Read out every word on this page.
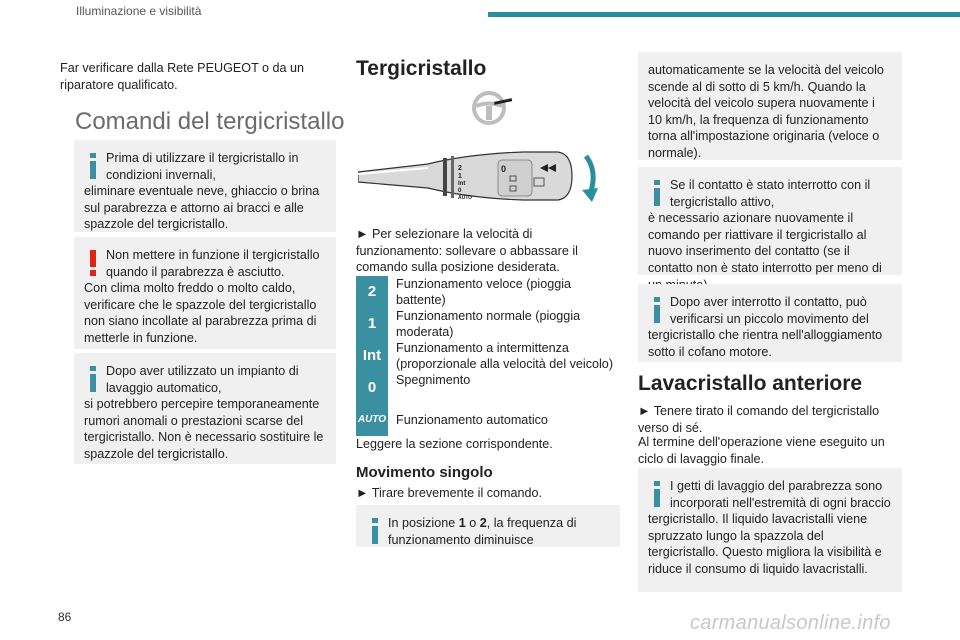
Illuminazione e visibilità

Far verificare dalla Rete PEUGEOT o da un riparatore qualificato.

Comandi del tergicristallo
Prima di utilizzare il tergicristallo in condizioni invernali,
eliminare eventuale neve, ghiaccio o brina sul parabrezza e attorno ai bracci e alle spazzole del tergicristallo.
Non mettere in funzione il tergicristallo quando il parabrezza è asciutto.
Con clima molto freddo o molto caldo, verificare che le spazzole del tergicristallo non siano incollate al parabrezza prima di metterle in funzione.
Dopo aver utilizzato un impianto di lavaggio automatico,
si potrebbero percepire temporaneamente rumori anomali o prestazioni scarse del tergicristallo. Non è necessario sostituire le spazzole del tergicristallo.
Tergicristallo
2
1
Int
0
AUTO
0

► Per selezionare la velocità di funzionamento: sollevare o abbassare il comando sulla posizione desiderata.

2	Funzionamento veloce (pioggia battente)
1	Funzionamento normale (pioggia moderata)
Int	Funzionamento a intermittenza (proporzionale alla velocità del veicolo)
0	Spegnimento
AUTO Funzionamento automatico

Leggere la sezione corrispondente.

Movimento singolo

► Tirare brevemente il comando.

In posizione 1 o 2, la frequenza di funzionamento diminuisce
automaticamente se la velocità del veicolo scende al di sotto di 5 km/h. Quando la velocità del veicolo supera nuovamente i 10 km/h, la frequenza di funzionamento torna all'impostazione originaria (veloce o normale).
Se il contatto è stato interrotto con il tergicristallo attivo,
è necessario azionare nuovamente il comando per riattivare il tergicristallo al nuovo inserimento del contatto (se il contatto non è stato interrotto per meno di
Dopo aver interrotto il contatto, può verificarsi un piccolo movimento del
tergicristallo che rientra nell'alloggiamento sotto il cofano motore.
Lavacristallo anteriore

► Tenere tirato il comando del tergicristallo verso di sé.

Al termine dell'operazione viene eseguito un ciclo di lavaggio finale.

I getti di lavaggio del parabrezza sono incorporati nell'estremità di ogni braccio
tergicristallo. Il liquido lavacristalli viene spruzzato lungo la spazzola del tergicristallo. Questo migliora la visibilità e riduce il consumo di liquido lavacristalli.
86	carmanualsonline.info
